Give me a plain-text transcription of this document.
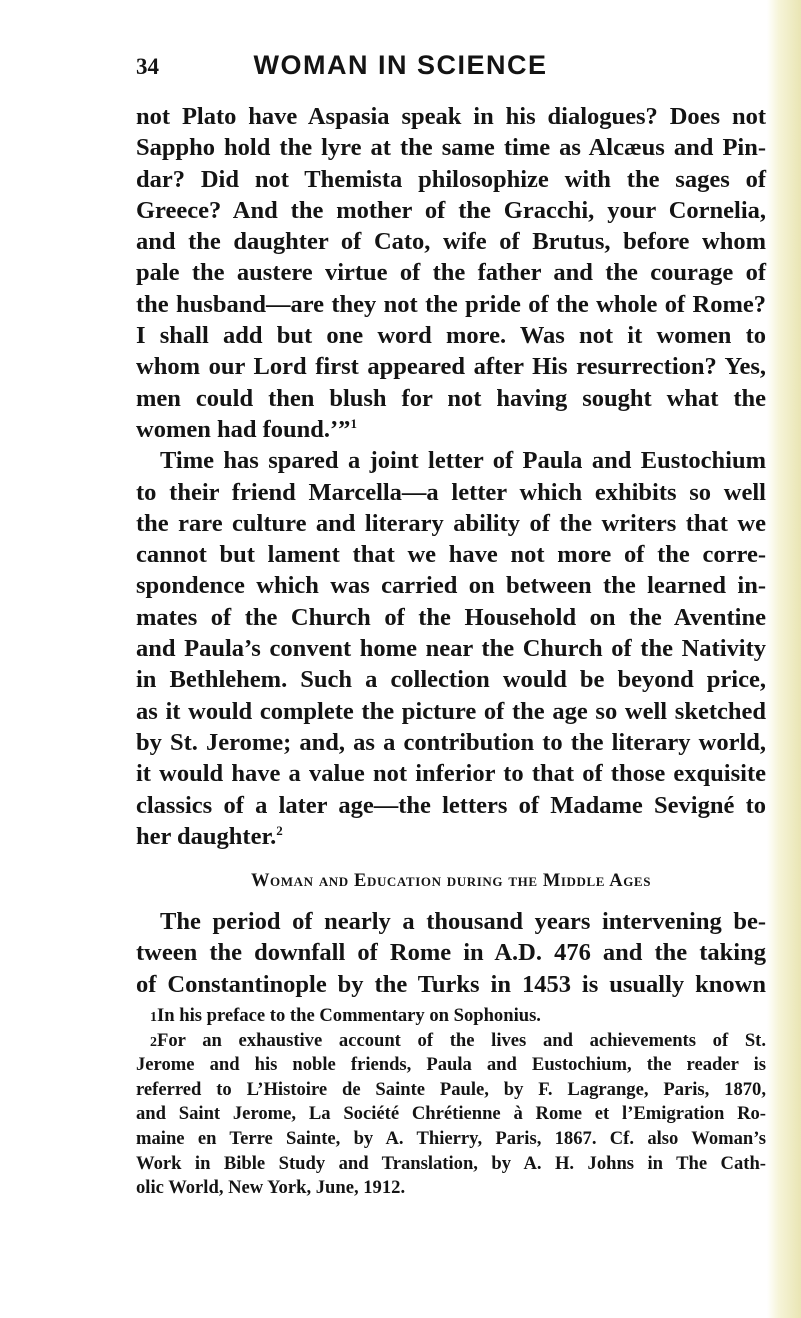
34	WOMAN IN SCIENCE
not Plato have Aspasia speak in his dialogues? Does not
Sappho hold the lyre at the same time as Alcæus and Pin-
dar? Did not Themista philosophize with the sages of
Greece? And the mother of the Gracchi, your Cornelia,
and the daughter of Cato, wife of Brutus, before whom
pale the austere virtue of the father and the courage of
the husband—are they not the pride of the whole of Rome?
I shall add but one word more. Was not it women to
whom our Lord first appeared after His resurrection? Yes,
men could then blush for not having sought what the
women had found.’”$^1$
Time has spared a joint letter of Paula and Eustochium
to their friend Marcella—a letter which exhibits so well
the rare culture and literary ability of the writers that we
cannot but lament that we have not more of the corre-
spondence which was carried on between the learned in-
mates of the Church of the Household on the Aventine
and Paula’s convent home near the Church of the Nativity
in Bethlehem. Such a collection would be beyond price,
as it would complete the picture of the age so well sketched
by St. Jerome; and, as a contribution to the literary world,
it would have a value not inferior to that of those exquisite
classics of a later age—the letters of Madame Sevigné to
her daughter.$^2$
Woman and Education during the Middle Ages
The period of nearly a thousand years intervening be-
tween the downfall of Rome in A.D. 476 and the taking
of Constantinople by the Turks in 1453 is usually known
1In his preface to the Commentary on Sophonius.
2For an exhaustive account of the lives and achievements of St.
Jerome and his noble friends, Paula and Eustochium, the reader is
referred to L’Histoire de Sainte Paule, by F. Lagrange, Paris, 1870,
and Saint Jerome, La Société Chrétienne à Rome et l’Emigration Ro-
maine en Terre Sainte, by A. Thierry, Paris, 1867. Cf. also Woman’s
Work in Bible Study and Translation, by A. H. Johns in The Cath-
olic World, New York, June, 1912.
